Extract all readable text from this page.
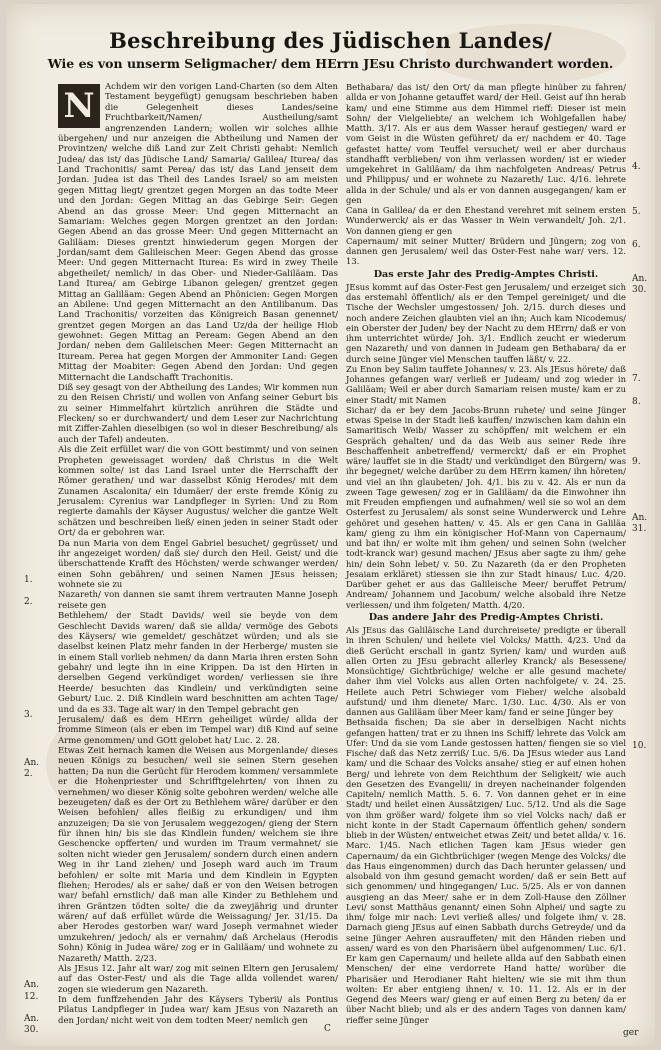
Beschreibung des Jüdischen Landes/
Wie es von unserm Seligmacher/ dem HErrn JEsu Christo durchwandert worden.
N	Achdem wir den vorigen Land-Charten (so dem Alten Testament beygefügt) genugsam beschrieben haben die Gelegenheit dieses Landes/seine Fruchtbarkeit/Namen/ Austheilung/samt angrenzenden Landern; wollen wir solches allhie übergehen/ und nur anzeigen die Abtheilung und Namen der Provintzen/ welche diß Land zur Zeit Christi gehabt: Nemlich Judea/ das ist/ das Jüdische Land/ Samaria/ Galilea/ Iturea/ das Land Trachonitis/ samt Perea/ das ist/ das Land jenseit dem Jordan. Judea ist das Theil des Landes Israel/ so am meisten gegen Mittag liegt/ grentzet gegen Morgen an das todte Meer und den Jordan: Gegen Mittag an das Gebirge Seir: Gegen Abend an das grosse Meer: Und gegen Mitternacht an Samariam: Welches gegen Morgen grentzet an den Jordan: Gegen Abend an das grosse Meer: Und gegen Mitternacht an Galiläam: Dieses grentzt hinwiederum gegen Morgen der Jordan/samt dem Galileischen Meer: Gegen Abend das grosse Meer: Und gegen Mitternacht Iturea: Es wird in zwey Theile abgetheilet/ nemlich/ in das Ober- und Nieder-Galiläam. Das Land Iturea/ am Gebirge Libanon gelegen/ grentzet gegen Mittag an Galiläam: Gegen Abend an Phönicien: Gegen Morgen an Abilene: Und gegen Mitternacht an den Antilibanum. Das Land Trachonitis/ vorzeiten das Königreich Basan genennet/ grentzet gegen Morgen an das Land Uz/da der heilige Hiob gewohnet: Gegen Mittag an Peream: Gegen Abend an den Jordan/ neben dem Galileischen Meer: Gegen Mitternacht an Ituream. Perea hat gegen Morgen der Ammoniter Land: Gegen Mittag der Moabiter: Gegen Abend den Jordan: Und gegen Mitternacht die Landschafft Trachonitis.

Diß sey gesagt von der Abtheilung des Landes; Wir kommen nun zu den Reisen Christi/ und wollen von Anfang seiner Geburt bis zu seiner Himmelfahrt kürtzlich anrühren die Städte und Flecken/ so er durchwandert/ und dem Leser zur Nachrichtung mit Ziffer-Zahlen dieselbigen (so wol in dieser Beschreibung/ als auch der Tafel) andeuten.

Als die Zeit erfüllet war/ die von GOtt bestimmt/ und von seinen Propheten geweissaget worden/ daß Christus in die Welt kommen solte/ ist das Land Israel unter die Herrschafft der Römer gerathen/ und war dasselbst König Herodes/ mit dem Zunamen Ascalonita/ ein Idumäer/ der erste fremde König zu Jerusalem: Cyrenius war Landpfleger in Syrien: Und zu Rom regierte damahls der Käyser Augustus/ welcher die gantze Welt schätzen und beschreiben ließ/ einen jeden in seiner Stadt oder Ort/ da er gebohren war.

Da nun Maria von dem Engel Gabriel besuchet/ gegrüsset/ und ihr angezeiget worden/ daß sie/ durch den Heil. Geist/ und die überschattende Krafft des Höchsten/ werde schwanger werden/ einen Sohn gebähren/ und seinen Namen JEsus heissen; wohnete sie zu

Nazareth/ von dannen sie samt ihrem vertrauten Manne Joseph reisete gen

Bethlehem/ der Stadt Davids/ weil sie beyde von dem Geschlecht Davids waren/ daß sie allda/ vermöge des Gebots des Käysers/ wie gemeldet/ geschätzet würden; und als sie daselbst keinen Platz mehr fanden in der Herberge/ musten sie in einem Stall vorlieb nehmen/ da dann Maria ihren ersten Sohn gebahr/ und legte ihn in eine Krippen. Da ist den Hirten in derselben Gegend verkündiget worden/ verliessen sie ihre Heerde/ besuchten das Kindlein/ und verkündigten seine Geburt/ Luc. 2. Diß Kindlein ward beschnitten am achten Tage/ und da es 33. Tage alt war/ in den Tempel gebracht gen

Jerusalem/ daß es dem HErrn geheiliget würde/ allda der fromme Simeon (als er eben im Tempel war) diß Kind auf seine Arme genommen/ und GOtt gelobet hat/ Luc. 2. 28.

Etwas Zeit hernach kamen die Weisen aus Morgenlande/ dieses neuen Königs zu besuchen/ weil sie seinen Stern gesehen hatten; Da nun die Gerücht für Herodem kommen/ versammlete er die Hohenpriester und Schrifftgelehrten/ von ihnen zu vernehmen/ wo dieser König solte gebohren werden/ welche alle bezeugeten/ daß es der Ort zu Bethlehem wäre/ darüber er den Weisen befohlen/ alles fleißig zu erkundigen/ und ihm anzuzeigen; Da sie von Jerusalem weggezogen/ gieng der Stern für ihnen hin/ bis sie das Kindlein funden/ welchem sie ihre Geschencke opfferten/ und wurden im Traum vermahnet/ sie solten nicht wieder gen Jerusalem/ sondern durch einen andern Weg in ihr Land ziehen/ und Joseph ward auch im Traum befohlen/ er solte mit Maria und dem Kindlein in Egypten fliehen; Herodes/ als er sahe/ daß er von den Weisen betrogen war/ befahl ernstlich/ daß man alle Kinder zu Bethlehem und ihren Gräntzen tödten solte/ die da zweyjährig und drunter wären/ auf daß erfüllet würde die Weissagung/ Jer. 31/15. Da aber Herodes gestorben war/ ward Joseph vermahnet wieder umzukehren/ jedoch/ als er vernahm/ daß Archelaus (Herodis Sohn) König in Judea wäre/ zog er in Galiläam/ und wohnete zu Nazareth/ Matth. 2/23.

Als JEsus 12. Jahr alt war/ zog mit seinen Eltern gen Jerusalem/ auf das Oster-Fest/ und als die Tage allda vollendet waren/ zogen sie wiederum gen Nazareth.

In dem funffzehenden Jahr des Käysers Tyberii/ als Pontius Pilatus Landpfleger in Judea war/ kam JEsus von Nazareth an den Jordan/ nicht weit von dem todten Meer/ nemlich gen

Bethabara/ das ist/ den Ort/ da man pflegte hinüber zu fahren/ allda er von Johanne getauffet ward/ der Heil. Geist auf ihn herab kam/ und eine Stimme aus dem Himmel rieff: Dieser ist mein Sohn/ der Vielgeliebte/ an welchem ich Wohlgefallen habe/ Matth. 3/17. Als er aus dem Wasser herauf gestiegen/ ward er vom Geist in die Wüsten geführet/ da er/ nachdem er 40. Tage gefastet hatte/ vom Teuffel versuchet/ weil er aber durchaus standhafft verblieben/ von ihm verlassen worden/ ist er wieder umgekehret in Galiläam/ da ihm nachfolgeten Andreas/ Petrus und Philippus/ und er wohnete zu Nazareth/ Luc. 4/16. lehrete allda in der Schule/ und als er von dannen ausgegangen/ kam er gen

Cana in Galilea/ da er den Ehestand verehret mit seinem ersten Wunderwerck/ als er das Wasser in Wein verwandelt/ Joh. 2/1. Von dannen gieng er gen

Capernaum/ mit seiner Mutter/ Brüdern und Jüngern; zog von dannen gen Jerusalem/ weil das Oster-Fest nahe war/ vers. 12. 13.

Das erste Jahr des Predig-Amptes Christi.

JEsus kommt auf das Oster-Fest gen Jerusalem/ und erzeiget sich das erstemahl öffentlich/ als er den Tempel gereiniget/ und die Tische der Wechsler umgestossen/ Joh. 2/15. durch dieses und noch andere Zeichen glaubten viel an ihn; Auch kam Nicodemus/ ein Oberster der Juden/ bey der Nacht zu dem HErrn/ daß er von ihm unterrichtet würde/ Joh. 3/1. Endlich zeucht er wiederum gen Nazareth/ und von dannen in Judeam gen Bethabara/ da er durch seine Jünger viel Menschen tauffen läßt/ v. 22.

Zu Enon bey Salim tauffete Johannes/ v. 23. Als JEsus hörete/ daß Johannes gefangen war/ verließ er Judeam/ und zog wieder in Galiläam; Weil er aber durch Samariam reisen muste/ kam er zu einer Stadt/ mit Namen

Sichar/ da er bey dem Jacobs-Brunn ruhete/ und seine Jünger etwas Speise in der Stadt ließ kauffen/ inzwischen kam dahin ein Samaritisch Weib/ Wasser zu schöpffen/ mit welchem er ein Gespräch gehalten/ und da das Weib aus seiner Rede ihre Beschaffenheit anbetreffend/ vermerckt/ daß er ein Prophet wäre/ lauffet sie in die Stadt/ und verkündiget den Bürgern/ was ihr begegnet/ welche darüber zu dem HErrn kamen/ ihn höreten/ und viel an ihn glaubeten/ Joh. 4/1. bis zu v. 42. Als er nun da zween Tage gewesen/ zog er in Galiläam/ da die Einwohner ihn mit Freuden empfiengen und aufnahmen/ weil sie so wol an dem Osterfest zu Jerusalem/ als sonst seine Wunderwerck und Lehre gehöret und gesehen hatten/ v. 45. Als er gen Cana in Galiläa kam/ gieng zu ihm ein königischer Hof-Mann von Capernaum/ und bat ihn/ er wolte mit ihm gehen/ und seinen Sohn (welcher todt-kranck war) gesund machen/ JEsus aber sagte zu ihm/ gehe hin/ dein Sohn lebet/ v. 50. Zu Nazareth (da er den Propheten Jesaiam erkläret) stiessen sie ihn zur Stadt hinaus/ Luc. 4/20. Darüber gehet er aus das Galileische Meer/ beruffet Petrum/ Andream/ Johannem und Jacobum/ welche alsobald ihre Netze verliessen/ und ihm folgeten/ Matth. 4/20.

Das andere Jahr des Predig-Amptes Christi.

Als JEsus das Galiläische Land durchreisete/ predigte er überall in ihren Schulen/ und heilete viel Volcks/ Matth. 4/23. Und da dieß Gerücht erschall in gantz Syrien/ kam/ und wurden auß allen Orten zu JEsu gebracht allerley Kranck/ als Besessene/ Monsüchtige/ Gichtbrüchige/ welche er alle gesund machete/ daher ihm viel Volcks aus allen Orten nachfolgete/ v. 24. 25. Heilete auch Petri Schwieger vom Fieber/ welche alsobald aufstund/ und ihm dienete/ Marc. 1/30. Luc. 4/30. Als er von dannen aus Galiläam über Meer kam/ fand er seine Jünger bey

Bethsaida fischen; Da sie aber in derselbigen Nacht nichts gefangen hatten/ trat er zu ihnen ins Schiff/ lehrete das Volck am Ufer: Und da sie vom Lande gestossen hatten/ fiengen sie so viel Fische/ daß das Netz zerriß/ Luc. 5/6. Da JEsus wieder aus Land kam/ und die Schaar des Volcks ansahe/ stieg er auf einen hohen Berg/ und lehrete von dem Reichthum der Seligkeit/ wie auch den Gesetzen des Evangelii/ in dreyen nacheinander folgenden Capiteln/ nemlich Matth. 5. 6. 7. Von dannen gehet er in eine Stadt/ und heilet einen Aussätzigen/ Luc. 5/12. Und als die Sage von ihm größer ward/ folgete ihm so viel Volcks nach/ daß er nicht konte in der Stadt Capernaum öffentlich gehen/ sondern blieb in der Wüsten/ entweichet etwas Zeit/ und betet allda/ v. 16. Marc. 1/45. Nach etlichen Tagen kam JEsus wieder gen Capernaum/ da ein Gichtbrüchiger (wegen Menge des Volcks/ die das Haus eingenommen) durch das Dach herunter gelassen/ und alsobald von ihm gesund gemacht worden/ daß er sein Bett auf sich genommen/ und hingegangen/ Luc. 5/25. Als er von dannen ausgieng an das Meer/ sahe er in dem Zoll-Hause den Zöllner Levi/ sonst Matthäus genannt/ einen Sohn Alphei/ und sagte zu ihm/ folge mir nach: Levi verließ alles/ und folgete ihm/ v. 28. Darnach gieng JEsus auf einen Sabbath durchs Getreyde/ und da seine Jünger Aehren ausrauffeten/ mit den Händen rieben und assen/ ward es von den Pharisäern übel aufgenommen/ Luc. 6/1. Er kam gen Capernaum/ und heilete allda auf den Sabbath einen Menschen/ der eine verdorrete Hand hatte/ worüber die Pharisäer und Herodianer Raht hielten/ wie sie mit ihm thun wolten: Er aber entgieng ihnen/ v. 10. 11. 12. Als er in der Gegend des Meers war/ gieng er auf einen Berg zu beten/ da er über Nacht blieb; und als er des andern Tages von dannen kam/ rieffer seine Jünger

1.
2.
3.
An.
2.
An.
12.
An.
30.
4.
5.
6.
An.
30.
7.
8.
9.
An.
31.
10.
C	ger
